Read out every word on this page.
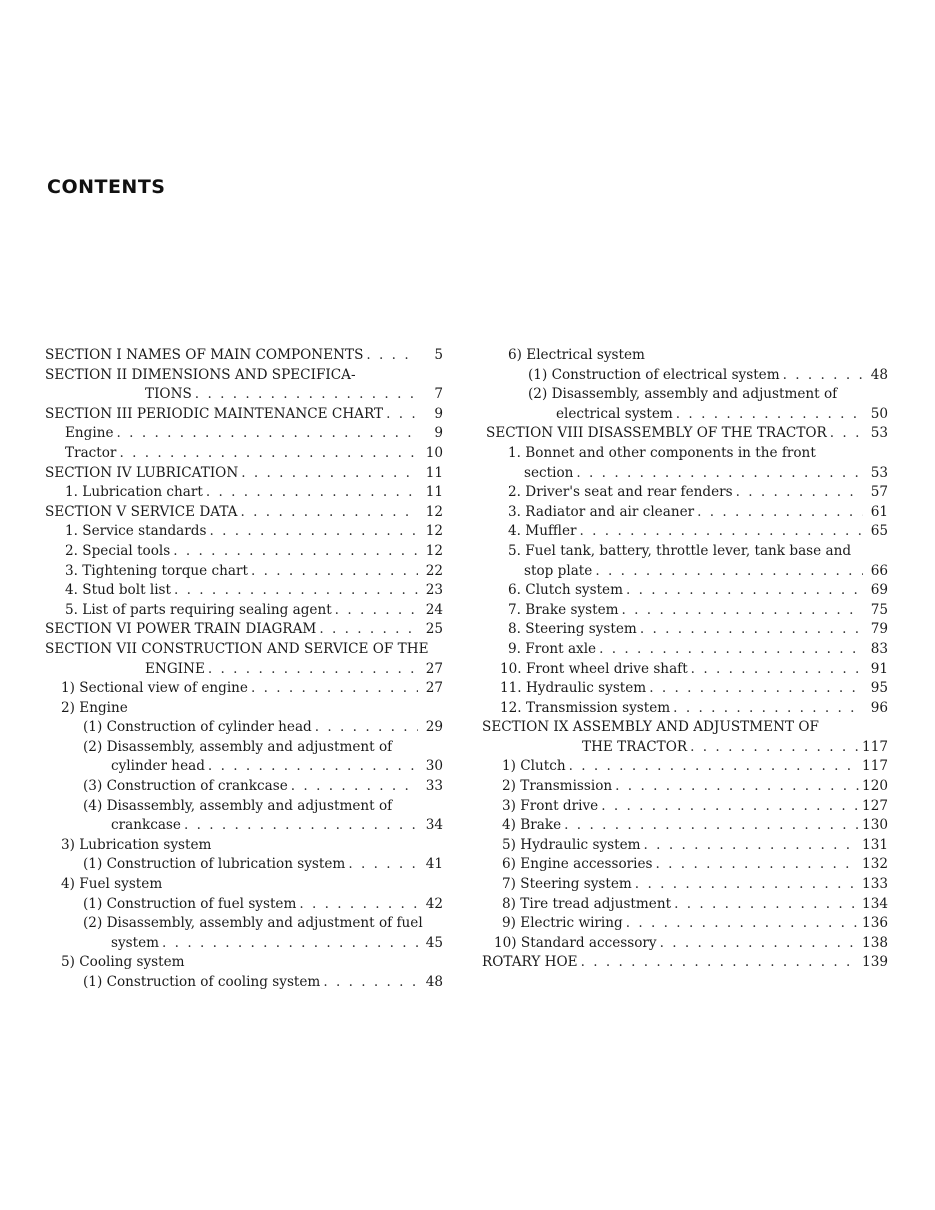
CONTENTS
SECTION I NAMES OF MAIN COMPONENTS . . .	5
SECTION II DIMENSIONS AND SPECIFICA-
TIONS . . .	7
SECTION III PERIODIC MAINTENANCE CHART . . .	9
Engine . . .	9
Tractor . . .	10
SECTION IV LUBRICATION . . .	11
1. Lubrication chart . . .	11
SECTION V SERVICE DATA . . .	12
1. Service standards . . .	12
2. Special tools . . .	12
3. Tightening torque chart . . .	22
4. Stud bolt list . . .	23
5. List of parts requiring sealing agent . . .	24
SECTION VI POWER TRAIN DIAGRAM . . .	25
SECTION VII CONSTRUCTION AND SERVICE OF THE
ENGINE . . .	27
1) Sectional view of engine . . .	27
2) Engine
(1) Construction of cylinder head . . .	29
(2) Disassembly, assembly and adjustment of
cylinder head . . .	30
(3) Construction of crankcase . . .	33
(4) Disassembly, assembly and adjustment of
crankcase . . .	34
3) Lubrication system
(1) Construction of lubrication system . . .	41
4) Fuel system
(1) Construction of fuel system . . .	42
(2) Disassembly, assembly and adjustment of fuel
system . . .	45
5) Cooling system
(1) Construction of cooling system . . .	48
6) Electrical system
(1) Construction of electrical system . . .	48
(2) Disassembly, assembly and adjustment of
electrical system . . .	50
SECTION VIII DISASSEMBLY OF THE TRACTOR . . .	53
1. Bonnet and other components in the front
section . . .	53
2. Driver's seat and rear fenders . . .	57
3. Radiator and air cleaner . . .	61
4. Muffler . . .	65
5. Fuel tank, battery, throttle lever, tank base and
stop plate . . .	66
6. Clutch system . . .	69
7. Brake system . . .	75
8. Steering system . . .	79
9. Front axle . . .	83
10. Front wheel drive shaft . . .	91
11. Hydraulic system . . .	95
12. Transmission system . . .	96
SECTION IX ASSEMBLY AND ADJUSTMENT OF
THE TRACTOR . . .	117
1) Clutch . . .	117
2) Transmission . . .	120
3) Front drive . . .	127
4) Brake . . .	130
5) Hydraulic system . . .	131
6) Engine accessories . . .	132
7) Steering system . . .	133
8) Tire tread adjustment . . .	134
9) Electric wiring . . .	136
10) Standard accessory . . .	138
ROTARY HOE . . .	139
